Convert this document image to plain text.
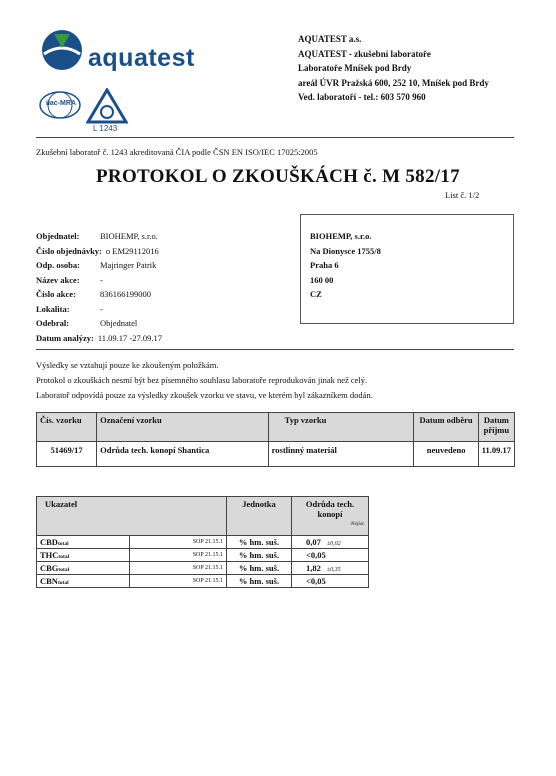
aquatest
ilac-MRA
L 1243
AQUATEST a.s.
AQUATEST - zkušební laboratoře
Laboratoře Mníšek pod Brdy
areál ÚVR Pražská 600, 252 10, Mníšek pod Brdy
Ved. laboratoří - tel.: 603 570 960
Zkušební laboratoř č. 1243 akreditovaná ČIA podle ČSN EN ISO/IEC 17025:2005
PROTOKOL O ZKOUŠKÁCH č. M 582/17
List č. 1/2
Objednatel:	BIOHEMP, s.r.o.
Číslo objednávky: o EM29112016
Odp. osoba:	Majringer Patrik
Název akce:	-
Číslo akce:	836166199000
Lokalita:	-
Odebral:	Objednatel
Datum analýzy: 11.09.17 -27.09.17
BIOHEMP, s.r.o.
Na Dionysce 1755/8
Praha 6
160 00
CZ
Výsledky se vztahují pouze ke zkoušeným položkám.
Protokol o zkouškách nesmí být bez písemného souhlasu laboratoře reprodukován jinak než celý.
Laboratoř odpovídá pouze za výsledky zkoušek vzorku ve stavu, ve kterém byl zákazníkem dodán.
Čís. vzorku	Označení vzorku	Typ vzorku	Datum odběru	Datum příjmu
51469/17	Odrůda tech. konopí Shantica	rostlinný materiál	neuvedeno	11.09.17
Ukazatel		Jednotka	Odrůda tech. konopí
Nejist.

CBDtotal	SOP 21.15.1	% hm. suš.	0,07 ±0,02
THCtotal	SOP 21.15.1	% hm. suš.	<0,05
CBGtotal	SOP 21.15.1	% hm. suš.	1,82 ±0,35
CBNtotal	SOP 21.15.1	% hm. suš.	<0,05
